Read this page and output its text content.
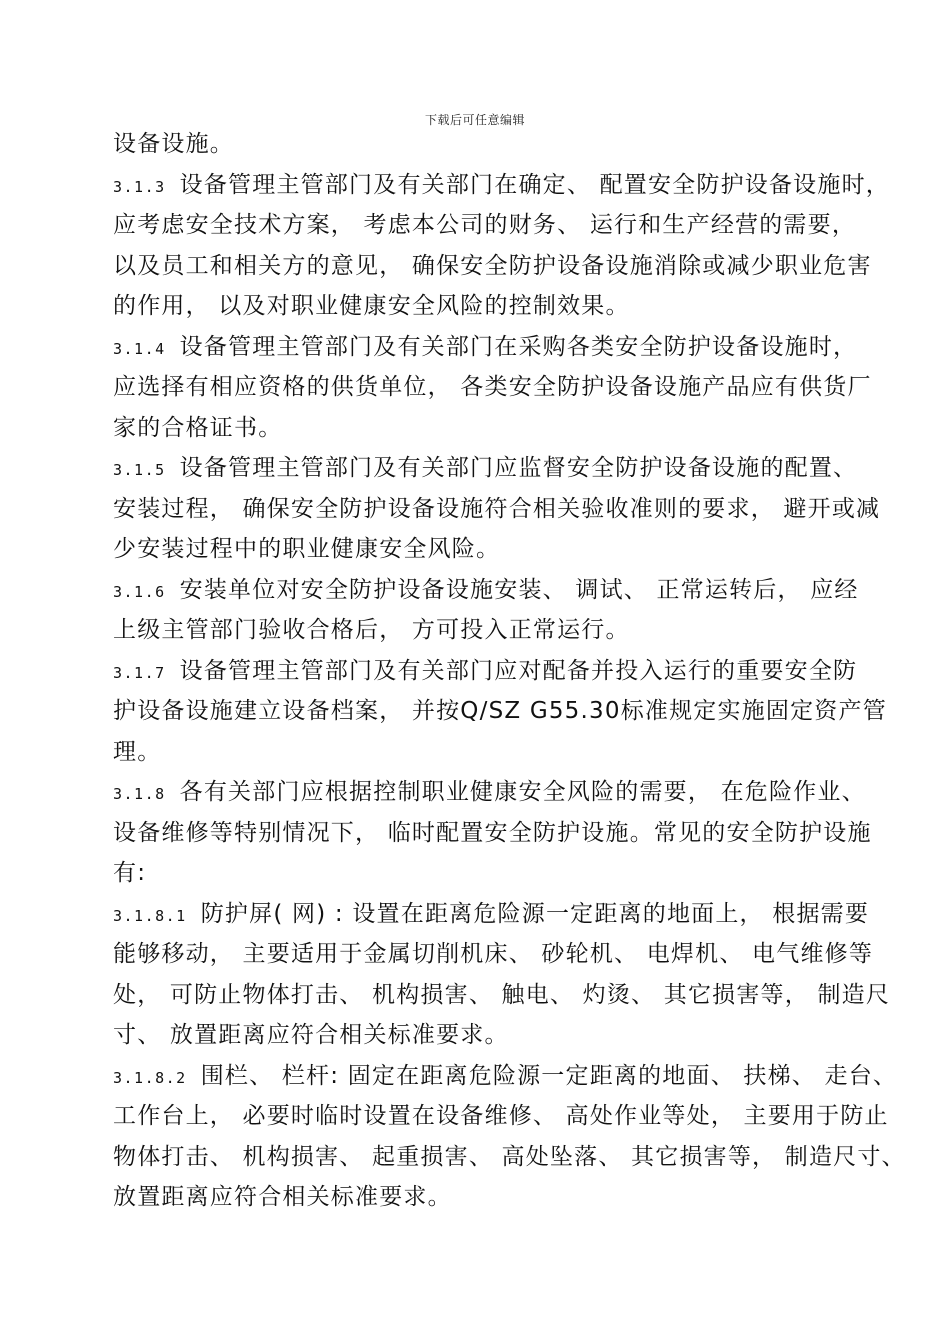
下载后可任意编辑
设备设施。
3.1.3 设备管理主管部门及有关部门在确定、 配置安全防护设备设施时，
应考虑安全技术方案， 考虑本公司的财务、 运行和生产经营的需要，
以及员工和相关方的意见， 确保安全防护设备设施消除或减少职业危害
的作用， 以及对职业健康安全风险的控制效果。
3.1.4 设备管理主管部门及有关部门在采购各类安全防护设备设施时，
应选择有相应资格的供货单位， 各类安全防护设备设施产品应有供货厂
家的合格证书。
3.1.5 设备管理主管部门及有关部门应监督安全防护设备设施的配置、
安装过程， 确保安全防护设备设施符合相关验收准则的要求， 避开或减
少安装过程中的职业健康安全风险。
3.1.6 安装单位对安全防护设备设施安装、 调试、 正常运转后， 应经
上级主管部门验收合格后， 方可投入正常运行。
3.1.7 设备管理主管部门及有关部门应对配备并投入运行的重要安全防
护设备设施建立设备档案， 并按Q/SZ G55.30标准规定实施固定资产管
理。
3.1.8 各有关部门应根据控制职业健康安全风险的需要， 在危险作业、
设备维修等特别情况下， 临时配置安全防护设施。常见的安全防护设施
有:
3.1.8.1 防护屏( 网) : 设置在距离危险源一定距离的地面上， 根据需要
能够移动， 主要适用于金属切削机床、 砂轮机、 电焊机、 电气维修等
处， 可防止物体打击、 机构损害、 触电、 灼烫、 其它损害等， 制造尺
寸、 放置距离应符合相关标准要求。
3.1.8.2 围栏、 栏杆: 固定在距离危险源一定距离的地面、 扶梯、 走台、
工作台上， 必要时临时设置在设备维修、 高处作业等处， 主要用于防止
物体打击、 机构损害、 起重损害、 高处坠落、 其它损害等， 制造尺寸、
放置距离应符合相关标准要求。
